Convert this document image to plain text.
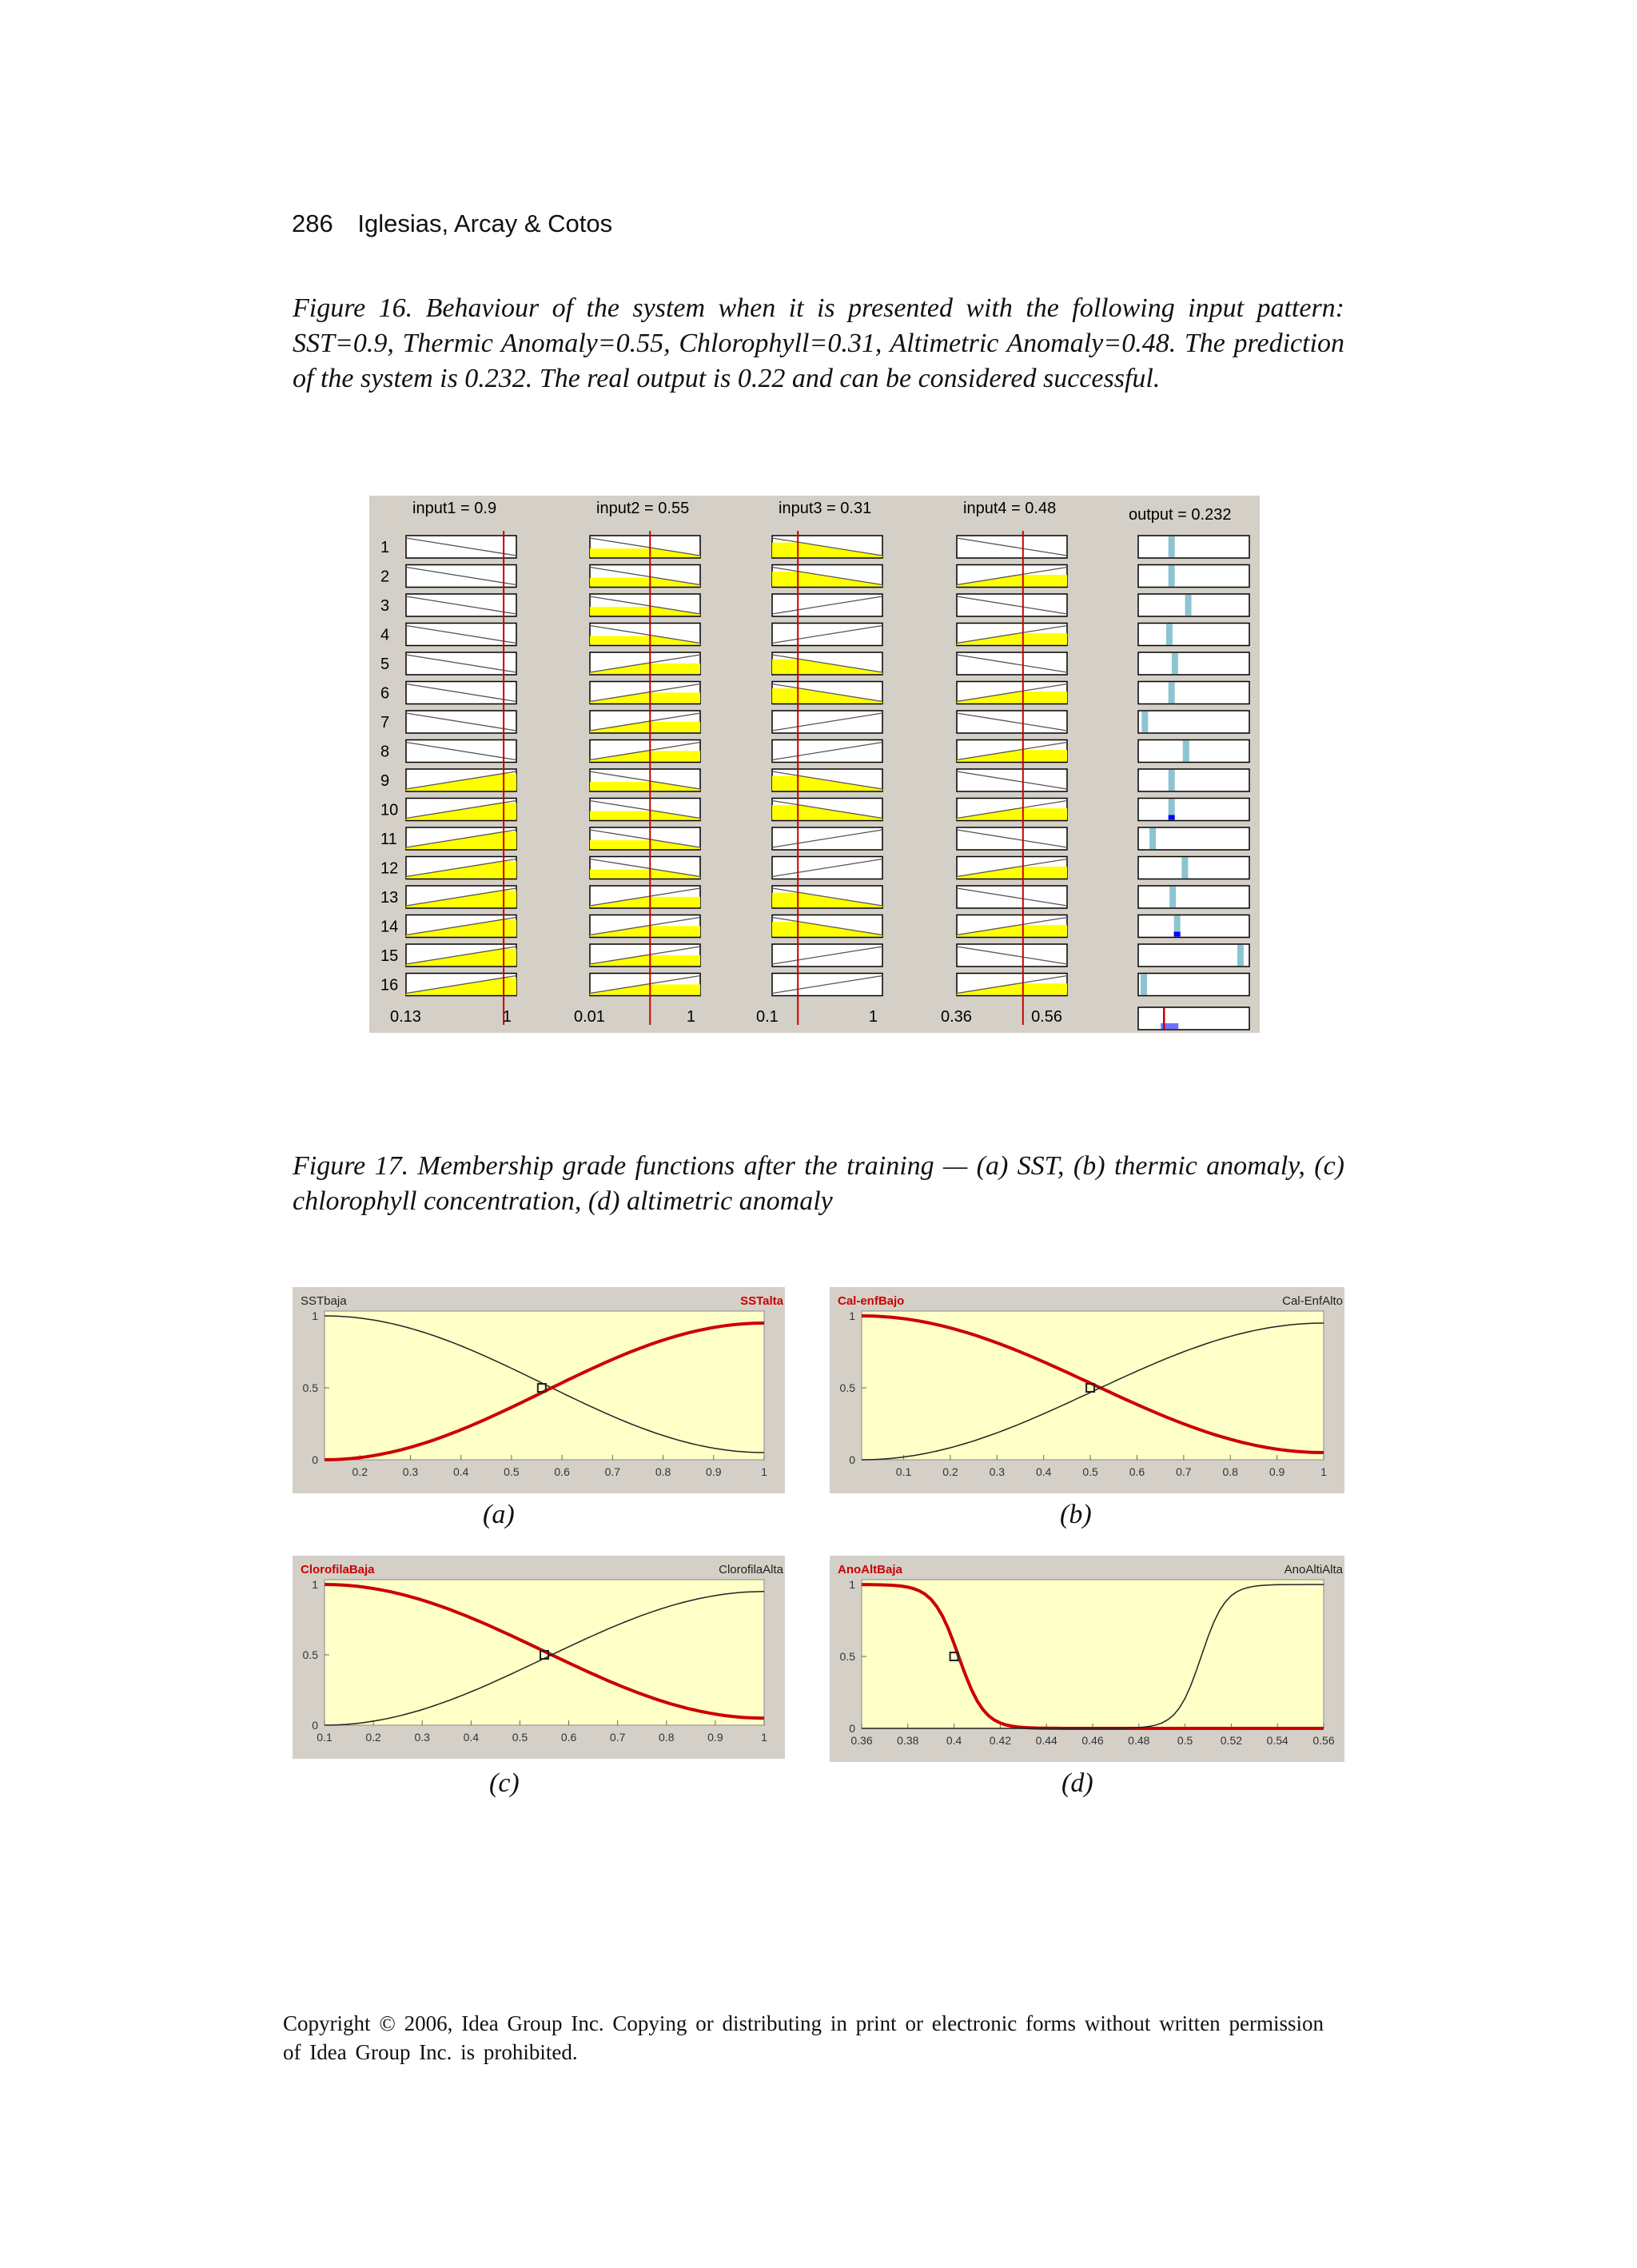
286 Iglesias, Arcay & Cotos
Figure 16. Behaviour of the system when it is presented with the following input pattern: SST=0.9, Thermic Anomaly=0.55, Chlorophyll=0.31, Altimetric Anomaly=0.48. The prediction of the system is 0.232. The real output is 0.22 and can be considered successful.
input1 = 0.9	input2 = 0.55	input3 = 0.31	input4 = 0.48	output = 0.232
1
2
3
4
5
6
7
8
9
10
11
12
13
14
15
16
0.13	1	0.01	1	0.1	1	0.36	0.56
Figure 17. Membership grade functions after the training — (a) SST, (b) thermic anomaly, (c) chlorophyll concentration, (d) altimetric anomaly
0
0.5
1
0.2	0.3	0.4	0.5	0.6	0.7	0.8	0.9	1
SSTbaja	SSTalta
0
0.5
1
0.1	0.2	0.3	0.4	0.5	0.6	0.7	0.8	0.9	1
Cal-enfBajo	Cal-EnfAlto
0
0.5
1
0.1	0.2	0.3	0.4	0.5	0.6	0.7	0.8	0.9	1
ClorofilaBaja	ClorofilaAlta
0
0.5
1
0.36 0.38 0.4 0.42 0.44 0.46 0.48 0.5 0.52 0.54 0.56
AnoAltBaja	AnoAltiAlta
(a)	(b)
(c)	(d)
Copyright © 2006, Idea Group Inc. Copying or distributing in print or electronic forms without written permission of Idea Group Inc. is prohibited.
